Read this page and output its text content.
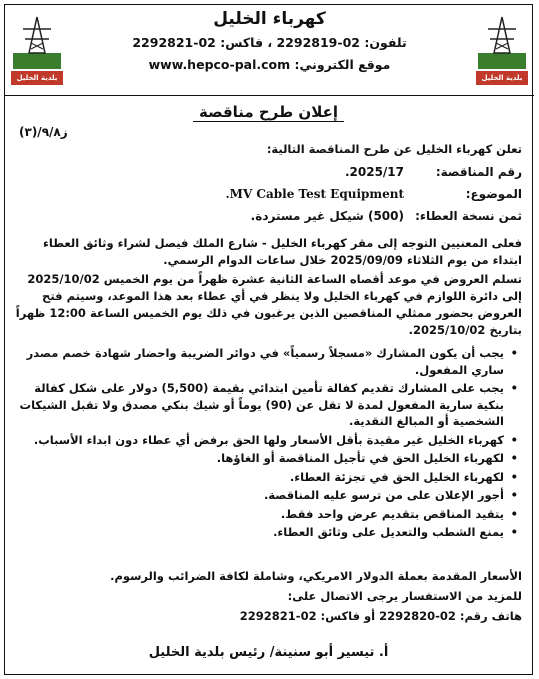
بلدية الخليل
بلدية الخليل
كهرباء الخليل
تلفون: 02-2292819 ، فاكس: 02-2292821
موقع الكتروني: www.hepco-pal.com
إعلان طرح مناقصة
ز٩/٨/(٣)
تعلن كهرباء الخليل عن طرح المناقصة التالية:
رقم المناقصة:
2025/17.
الموضوع:
MV Cable Test Equipment.
ثمن نسخة العطاء:
(500) شيكل غير مستردة.
فعلى المعنيين التوجه إلى مقر كهرباء الخليل - شارع الملك فيصل لشراء وثائق العطاء ابتداء من يوم الثلاثاء 2025/09/09 خلال ساعات الدوام الرسمي.
تسلم العروض في موعد أقصاه الساعة الثانية عشرة ظهراً من يوم الخميس 2025/10/02 إلى دائرة اللوازم في كهرباء الخليل ولا ينظر في أي عطاء بعد هذا الموعد، وسيتم فتح العروض بحضور ممثلي المناقصين الذين يرغبون في ذلك يوم الخميس الساعة 12:00 ظهراً بتاريخ 2025/10/02.
• يجب أن يكون المشارك «مسجلاً رسمياً» في دوائر الضريبة واحضار شهادة خصم مصدر ساري المفعول.
• يجب على المشارك تقديم كفالة تأمين ابتدائي بقيمة (5,500) دولار على شكل كفالة بنكية سارية المفعول لمدة لا تقل عن (90) يوماً أو شيك بنكي مصدق ولا تقبل الشيكات الشخصية أو المبالغ النقدية.
• كهرباء الخليل غير مقيدة بأقل الأسعار ولها الحق برفض أي عطاء دون ابداء الأسباب.
• لكهرباء الخليل الحق في تأجيل المناقصة أو الغاؤها.
• لكهرباء الخليل الحق في تجزئة العطاء.
• أجور الإعلان على من ترسو عليه المناقصة.
• يتقيد المناقص بتقديم عرض واحد فقط.
• يمنع الشطب والتعديل على وثائق العطاء.
الأسعار المقدمة بعملة الدولار الامريكي، وشاملة لكافة الضرائب والرسوم.
للمزيد من الاستفسار يرجى الاتصال على:
هاتف رقم: 02-2292820 أو فاكس: 02-2292821
أ. تيسير أبو سنينة/ رئيس بلدية الخليل
